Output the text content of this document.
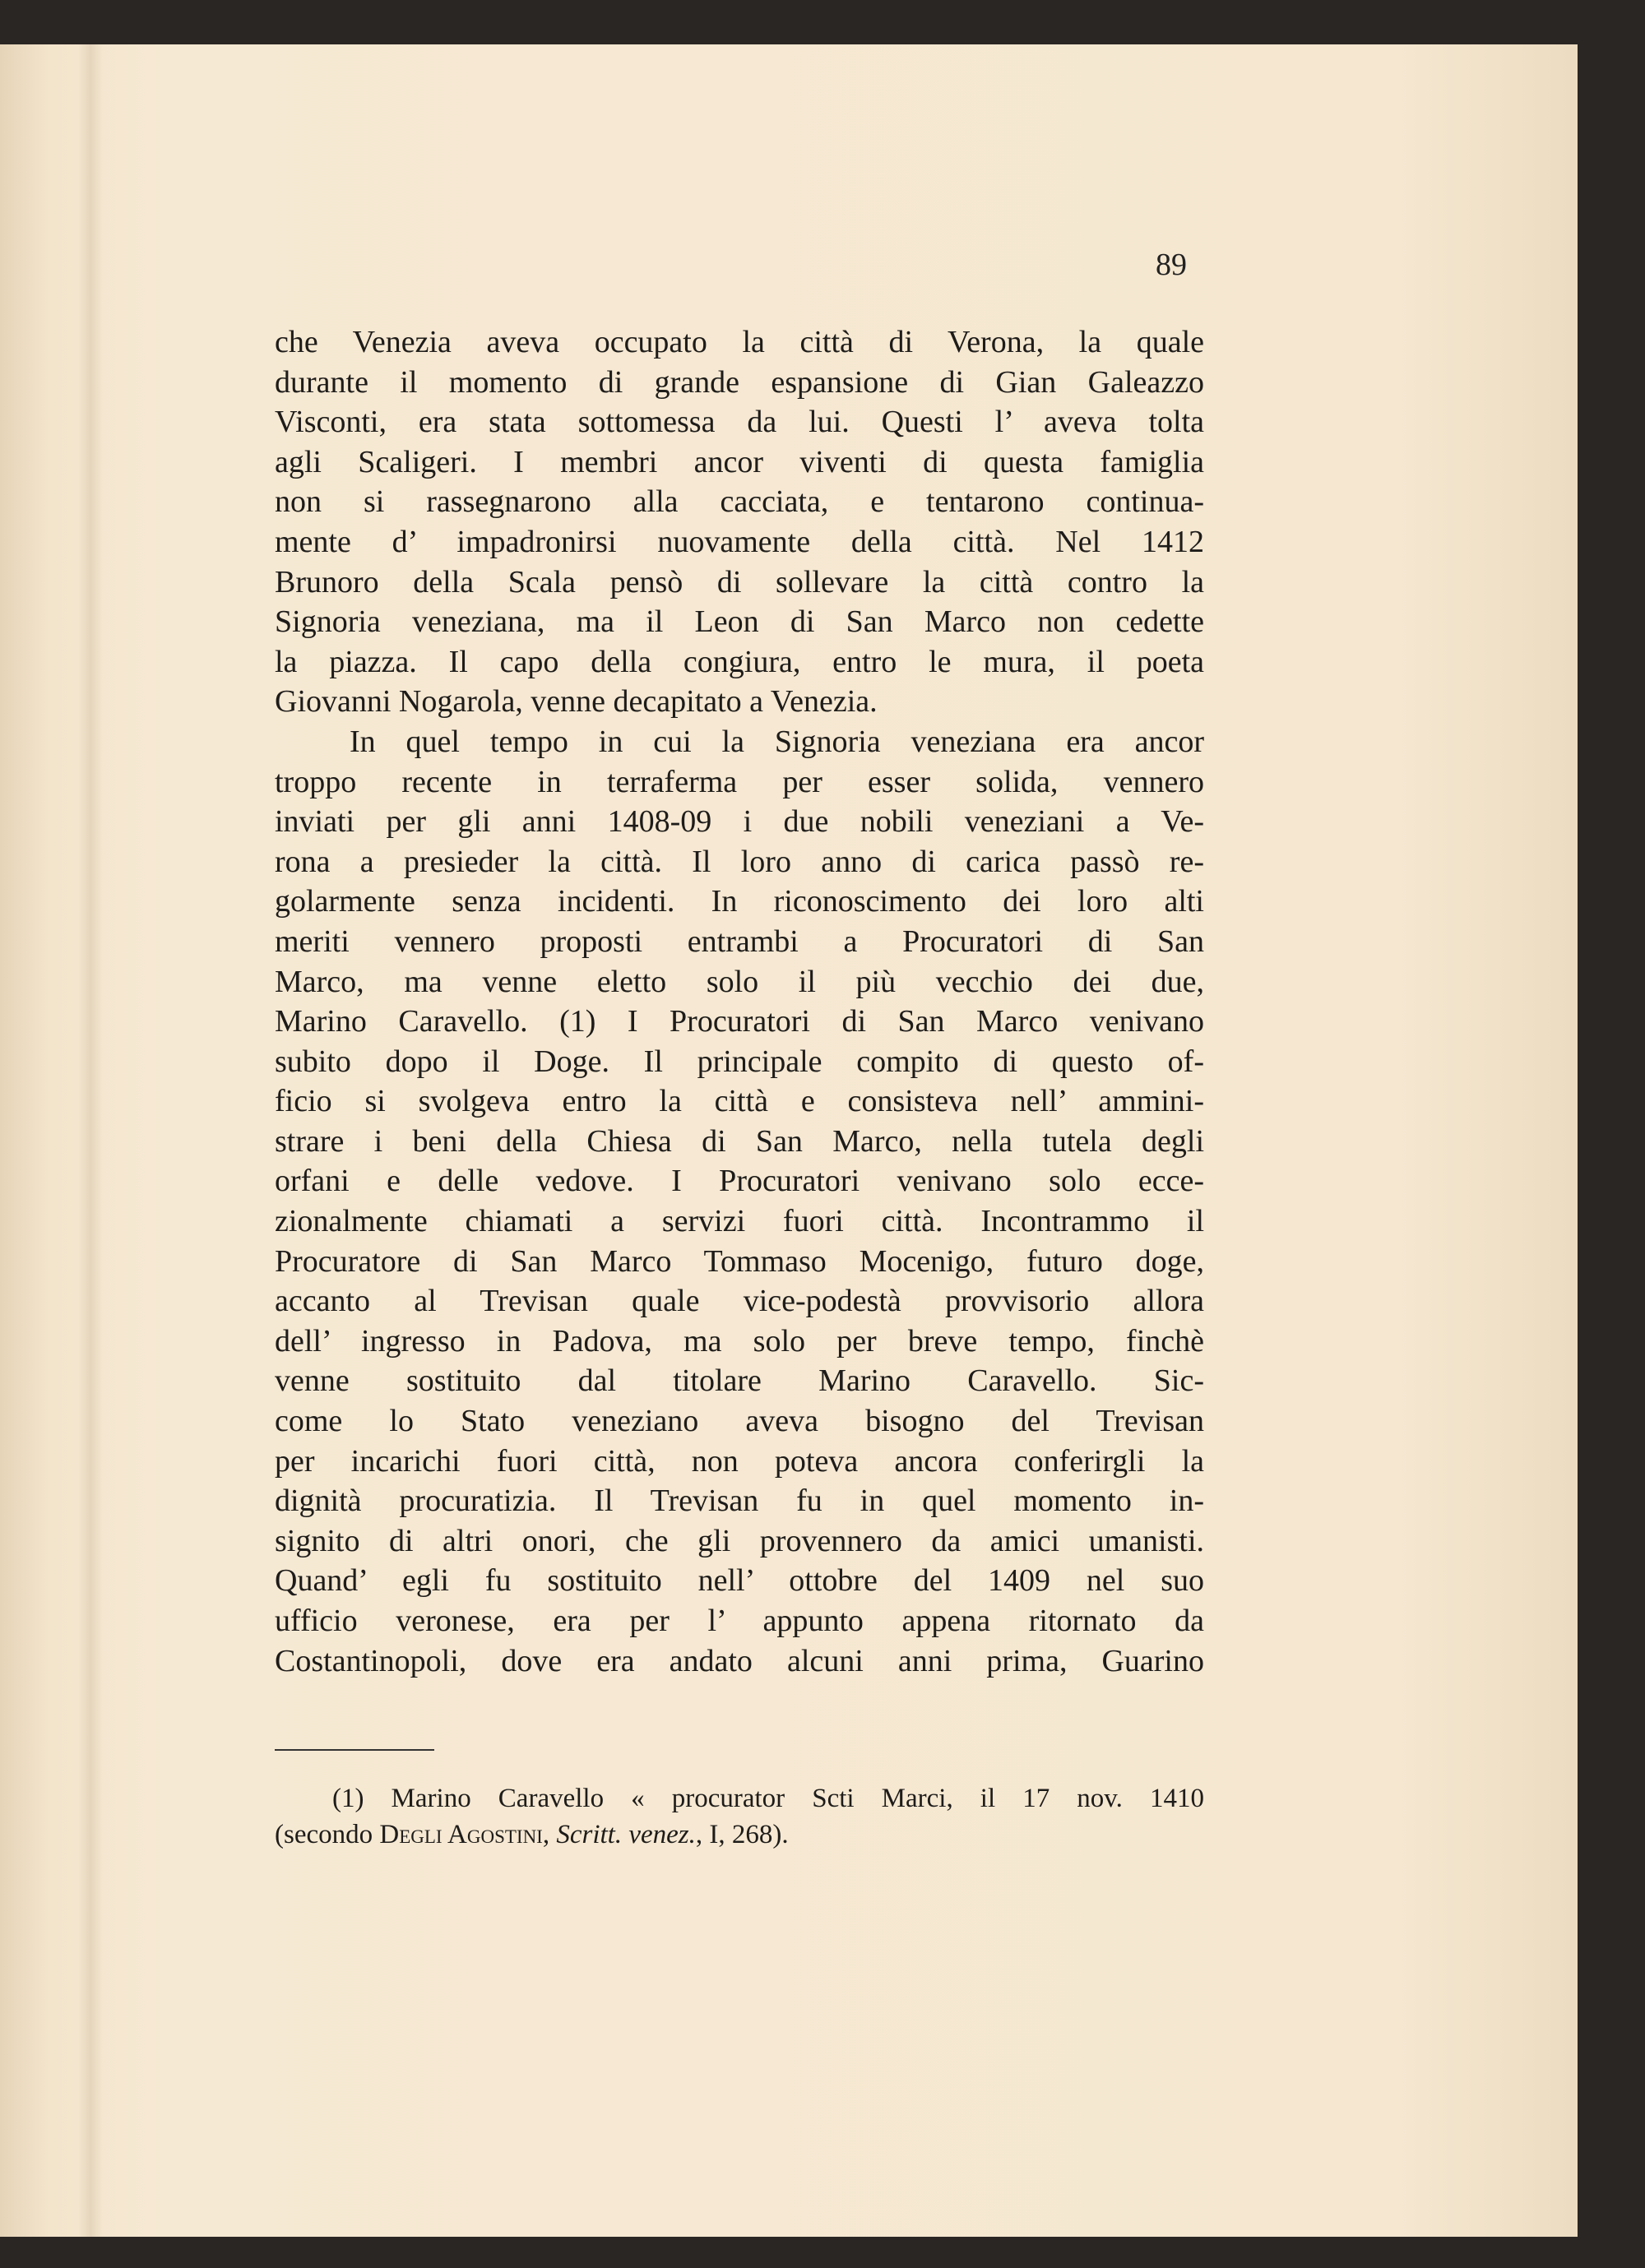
89
che Venezia aveva occupato la città di Verona, la quale
durante il momento di grande espansione di Gian Galeazzo
Visconti, era stata sottomessa da lui. Questi l’ aveva tolta
agli Scaligeri. I membri ancor viventi di questa famiglia
non si rassegnarono alla cacciata, e tentarono continua-
mente d’ impadronirsi nuovamente della città. Nel 1412
Brunoro della Scala pensò di sollevare la città contro la
Signoria veneziana, ma il Leon di San Marco non cedette
la piazza. Il capo della congiura, entro le mura, il poeta
Giovanni Nogarola, venne decapitato a Venezia.
In quel tempo in cui la Signoria veneziana era ancor
troppo recente in terraferma per esser solida, vennero
inviati per gli anni 1408-09 i due nobili veneziani a Ve-
rona a presieder la città. Il loro anno di carica passò re-
golarmente senza incidenti. In riconoscimento dei loro alti
meriti vennero proposti entrambi a Procuratori di San
Marco, ma venne eletto solo il più vecchio dei due,
Marino Caravello. (1) I Procuratori di San Marco venivano
subito dopo il Doge. Il principale compito di questo of-
ficio si svolgeva entro la città e consisteva nell’ ammini-
strare i beni della Chiesa di San Marco, nella tutela degli
orfani e delle vedove. I Procuratori venivano solo ecce-
zionalmente chiamati a servizi fuori città. Incontrammo il
Procuratore di San Marco Tommaso Mocenigo, futuro doge,
accanto al Trevisan quale vice-podestà provvisorio allora
dell’ ingresso in Padova, ma solo per breve tempo, finchè
venne sostituito dal titolare Marino Caravello. Sic-
come lo Stato veneziano aveva bisogno del Trevisan
per incarichi fuori città, non poteva ancora conferirgli la
dignità procuratizia. Il Trevisan fu in quel momento in-
signito di altri onori, che gli provennero da amici umanisti.
Quand’ egli fu sostituito nell’ ottobre del 1409 nel suo
ufficio veronese, era per l’ appunto appena ritornato da
Costantinopoli, dove era andato alcuni anni prima, Guarino
(1) Marino Caravello « procurator Scti Marci, il 17 nov. 1410
(secondo Degli Agostini, Scritt. venez., I, 268).
